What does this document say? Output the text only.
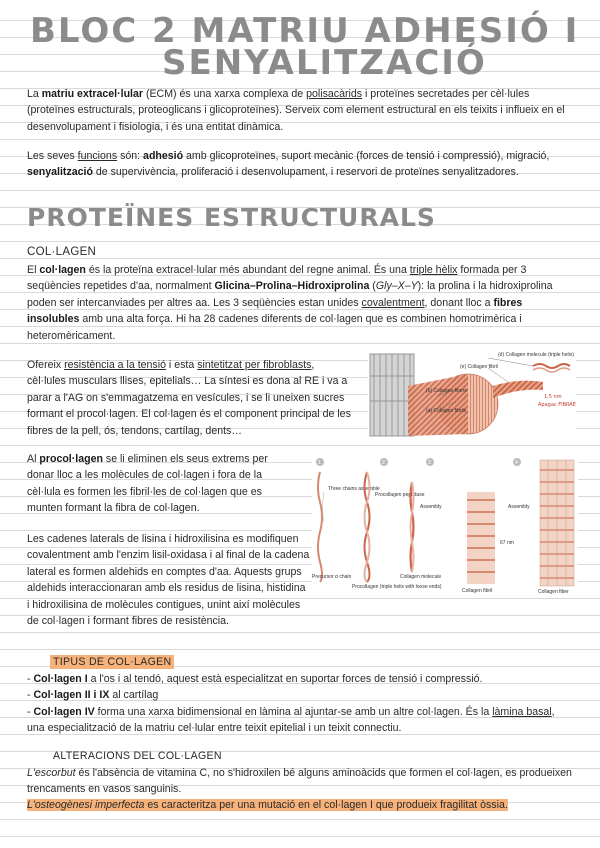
BLOC 2 MATRIU ADHESIÓ I
SENYALITZACIÓ

La matriu extracel·lular (ECM) és una xarxa complexa de polisacàrids i proteïnes secretades per cèl·lules (proteïnes estructurals, proteoglicans i glicoproteïnes). Serveix com element estructural en els teixits i influeix en el desenvolupament i fisiologia, i és una entitat dinàmica.

Les seves funcions són: adhesió amb glicoproteïnes, suport mecànic (forces de tensió i compressió), migració, senyalització de supervivència, proliferació i desenvolupament, i reservori de proteïnes senyalitzadores.

PROTEÏNES ESTRUCTURALS
COL·LAGEN

El col·lagen és la proteïna extracel·lular més abundant del regne animal. És una triple hèlix formada per 3 seqüències repetides d'aa, normalment Glicina–Prolina–Hidroxiprolina (Gly–X–Y): la prolina i la hidroxiprolina poden ser intercanviades per altres aa. Les 3 seqüències estan unides covalentment, donant lloc a fibres insolubles amb una alta força. Hi ha 28 cadenes diferents de col·lagen que es combinen homotrimèrica i heteromèricament.

Ofereix resistència a la tensió i esta sintetitzat per fibroblasts, cèl·lules musculars llises, epitelials… La síntesi es dona al RE i va a parar a l'AG on s'emmagatzema en vesícules, i se li uneixen sucres formant el procol·lagen. El col·lagen és el component principal de les fibres de la pell, ós, tendons, cartílag, dents…

(d) Collagen molecule (triple helix)
(e) Collagen fibril
(b) Collagen fibers
(a) Collagen fibrils
1,5 nm
Apagac FIBRAE

Al procol·lagen se li eliminen els seus extrems per donar lloc a les molècules de col·lagen i fora de la cèl·lula es formen les fibril·les de col·lagen que es munten formant la fibra de col·lagen.

Les cadenes laterals de lisina i hidroxilisina es modifiquen covalentment amb l'enzim lisil-oxidasa i al final de la cadena lateral es formen aldehids en comptes d'aa. Aquests grups aldehids interaccionaran amb els residus de lisina, histidina i hidroxilisina de molècules contigues, unint així molècules de col·lagen i formant fibres de resistència.

1
Three chains assemble
2
Procollagen peptidase
3
Assembly
67 nm
4
Assembly
Precursor α chain
Procollagen (triple helix with loose ends)
Collagen molecule
Collagen fibril	Collagen fiber
TIPUS DE COL·LAGEN

- Col·lagen I a l'os i al tendó, aquest està especialitzat en suportar forces de tensió i compressió.
- Col·lagen II i IX al cartílag
- Col·lagen IV forma una xarxa bidimensional en làmina al ajuntar-se amb un altre col·lagen. És la làmina basal, una especialització de la matriu cel·lular entre teixit epitelial i un teixit connectiu.

ALTERACIONS DEL COL·LAGEN

L'escorbut és l'absència de vitamina C, no s'hidroxilen bé alguns aminoàcids que formen el col·lagen, es produeixen trencaments en vasos sanguinis.

L'osteogènesi imperfecta es caracteritza per una mutació en el col·lagen I que produeix fragilitat òssia.
